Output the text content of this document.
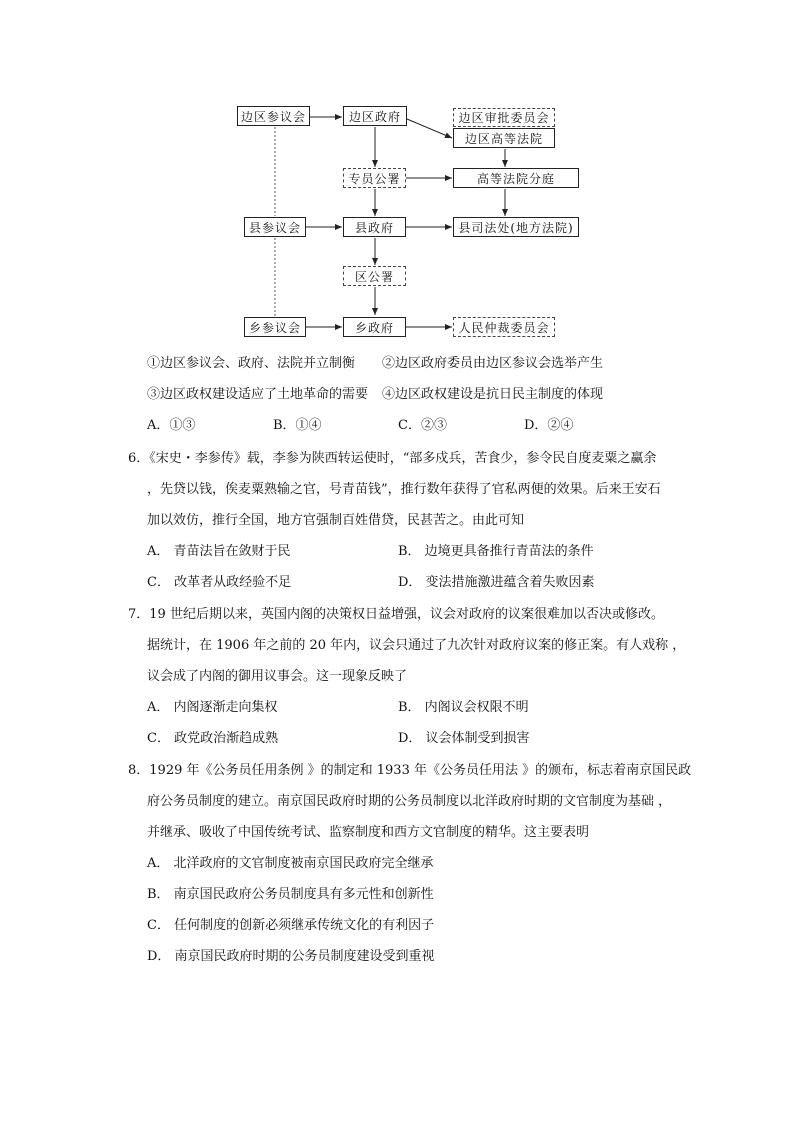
边区参议会	边区政府	边区审批委员会
边区高等法院
专员公署	高等法院分庭
县参议会	县政府	县司法处(地方法院)
区公署
乡参议会	乡政府	人民仲裁委员会
①边区参议会、政府、法院并立制衡 ②边区政府委员由边区参议会选举产生
③边区政权建设适应了土地革命的需要 ④边区政权建设是抗日民主制度的体现
A．①③	B．①④	C．②③	D．②④
6．《宋史・李参传》载，李参为陕西转运使时，“部多戍兵，苦食少，参令民自度麦粟之赢余
，先贷以钱，俟麦粟熟输之官，号青苗钱”，推行数年获得了官私两便的效果。后来王安石
加以效仿，推行全国，地方官强制百姓借贷，民甚苦之。由此可知
A． 青苗法旨在敛财于民	B． 边境更具备推行青苗法的条件
C． 改革者从政经验不足	D． 变法措施激进蕴含着失败因素
7．19 世纪后期以来，英国内阁的决策权日益增强，议会对政府的议案很难加以否决或修改。
据统计，在 1906 年之前的 20 年内，议会只通过了九次针对政府议案的修正案。有人戏称 ，
议会成了内阁的御用议事会。这一现象反映了
A． 内阁逐渐走向集权	B． 内阁议会权限不明
C． 政党政治渐趋成熟	D． 议会体制受到损害
8．1929 年《公务员任用条例 》的制定和 1933 年《公务员任用法 》的颁布，标志着南京国民政
府公务员制度的建立。南京国民政府时期的公务员制度以北洋政府时期的文官制度为基础 ，
并继承、吸收了中国传统考试、监察制度和西方文官制度的精华。这主要表明
A． 北洋政府的文官制度被南京国民政府完全继承
B． 南京国民政府公务员制度具有多元性和创新性
C． 任何制度的创新必须继承传统文化的有利因子
D． 南京国民政府时期的公务员制度建设受到重视
